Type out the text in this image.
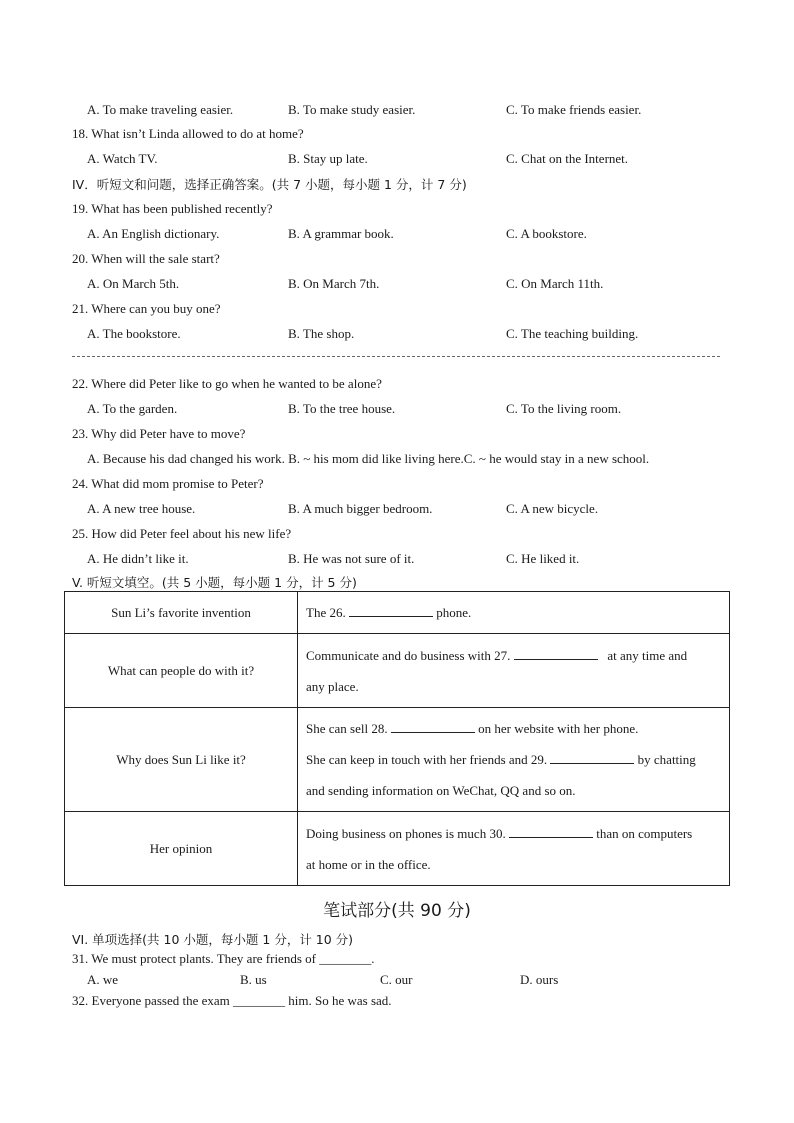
A. To make traveling easier.	B. To make study easier.	C. To make friends easier.
18. What isn’t Linda allowed to do at home?
A. Watch TV.	B. Stay up late.	C. Chat on the Internet.
IV．听短文和问题，选择正确答案。(共 7 小题，每小题 1 分，计 7 分)
19. What has been published recently?
A. An English dictionary.	B. A grammar book.	C. A bookstore.
20. When will the sale start?
A. On March 5th.	B. On March 7th.	C. On March 11th.
21. Where can you buy one?
A. The bookstore.	B. The shop.	C. The teaching building.
22. Where did Peter like to go when he wanted to be alone?
A. To the garden.	B. To the tree house.	C. To the living room.
23. Why did Peter have to move?
A. Because his dad changed his work. B. ~ his mom did like living here.C. ~ he would stay in a new school.
24. What did mom promise to Peter?
A. A new tree house.	B. A much bigger bedroom.	C. A new bicycle.
25. How did Peter feel about his new life?
A. He didn’t like it.	B. He was not sure of it.	C. He liked it.
V. 听短文填空。(共 5 小题，每小题 1 分，计 5 分)
Sun Li’s favorite invention	The 26. phone.
What can people do with it?	Communicate and do business with 27. at any time and
any place.
Why does Sun Li like it?	She can sell 28. on her website with her phone.
She can keep in touch with her friends and 29. by chatting
and sending information on WeChat, QQ and so on.
Her opinion	Doing business on phones is much 30. than on computers
at home or in the office.
笔试部分(共 90 分)
VI. 单项选择(共 10 小题，每小题 1 分，计 10 分)
31. We must protect plants. They are friends of ________.
A. we	B. us	C. our	D. ours
32. Everyone passed the exam ________ him. So he was sad.
